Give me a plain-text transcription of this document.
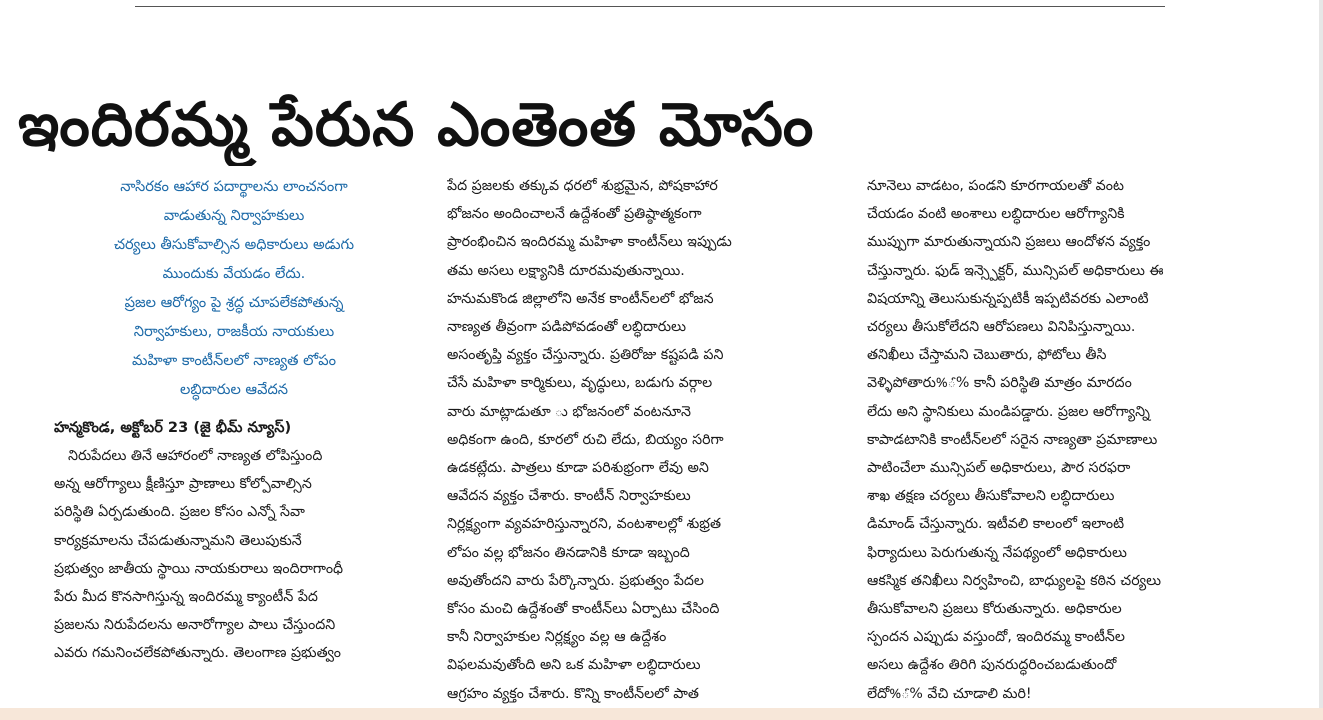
ఇందిరమ్మ పేరున ఎంతెంత మోసం
నాసిరకం ఆహార పదార్థాలను లాంచనంగా
వాడుతున్న నిర్వాహకులు
చర్యలు తీసుకోవాల్సిన అధికారులు అడుగు
ముందుకు వేయడం లేదు.
ప్రజల ఆరోగ్యం పై శ్రద్ధ చూపలేకపోతున్న
నిర్వాహకులు, రాజకీయ నాయకులు
మహిళా కాంటీన్‌లలో నాణ్యత లోపం
లబ్ధిదారుల ఆవేదన
హన్మకొండ, అక్టోబర్ 23 (జై భీమ్ న్యూస్)
నిరుపేదలు తినే ఆహారంలో నాణ్యత లోపిస్తుంది
అన్న ఆరోగ్యాలు క్షీణిస్తూ ప్రాణాలు కోల్పోవాల్సిన
పరిస్థితి ఏర్పడుతుంది. ప్రజల కోసం ఎన్నో సేవా
కార్యక్రమాలను చేపడుతున్నామని తెలుపుకునే
ప్రభుత్వం జాతీయ స్థాయి నాయకురాలు ఇందిరాగాంధీ
పేరు మీద కొనసాగిస్తున్న ఇందిరమ్మ క్యాంటీన్ పేద
ప్రజలను నిరుపేదలను అనారోగ్యాల పాలు చేస్తుందని
ఎవరు గమనించలేకపోతున్నారు. తెలంగాణ ప్రభుత్వం
పేద ప్రజలకు తక్కువ ధరలో శుభ్రమైన, పోషకాహార
భోజనం అందించాలనే ఉద్దేశంతో ప్రతిష్ఠాత్మకంగా
ప్రారంభించిన ఇందిరమ్మ మహిళా కాంటీన్‌లు ఇప్పుడు
తమ అసలు లక్ష్యానికి దూరమవుతున్నాయి.
హనుమకొండ జిల్లాలోని అనేక కాంటీన్‌లలో భోజన
నాణ్యత తీవ్రంగా పడిపోవడంతో లబ్ధిదారులు
అసంతృప్తి వ్యక్తం చేస్తున్నారు. ప్రతిరోజు కష్టపడి పని
చేసే మహిళా కార్మికులు, వృద్ధులు, బడుగు వర్గాల
వారు మాట్లాడుతూ ు భోజనంలో వంటనూనె
అధికంగా ఉంది, కూరలో రుచి లేదు, బియ్యం సరిగా
ఉడకట్లేదు. పాత్రలు కూడా పరిశుభ్రంగా లేవు అని
ఆవేదన వ్యక్తం చేశారు. కాంటీన్ నిర్వాహకులు
నిర్లక్ష్యంగా వ్యవహరిస్తున్నారని, వంటశాలల్లో శుభ్రత
లోపం వల్ల భోజనం తినడానికి కూడా ఇబ్బంది
అవుతోందని వారు పేర్కొన్నారు. ప్రభుత్వం పేదల
కోసం మంచి ఉద్దేశంతో కాంటీన్‌లు ఏర్పాటు చేసింది
కానీ నిర్వాహకుల నిర్లక్ష్యం వల్ల ఆ ఉద్దేశం
విఫలమవుతోంది అని ఒక మహిళా లబ్ధిదారులు
ఆగ్రహం వ్యక్తం చేశారు. కొన్ని కాంటీన్‌లలో పాత
నూనెలు వాడటం, పండని కూరగాయలతో వంట
చేయడం వంటి అంశాలు లబ్ధిదారుల ఆరోగ్యానికి
ముప్పుగా మారుతున్నాయని ప్రజలు ఆందోళన వ్యక్తం
చేస్తున్నారు. ఫుడ్ ఇన్స్పెక్టర్, మున్సిపల్ అధికారులు ఈ
విషయాన్ని తెలుసుకున్నప్పటికీ ఇప్పటివరకు ఎలాంటి
చర్యలు తీసుకోలేదని ఆరోపణలు వినిపిస్తున్నాయి.
తనిఖీలు చేస్తామని చెబుతారు, ఫోటోలు తీసి
వెళ్ళిపోతారు%ౕ% కానీ పరిస్థితి మాత్రం మారదం
లేదు అని స్థానికులు మండిపడ్డారు. ప్రజల ఆరోగ్యాన్ని
కాపాడటానికి కాంటీన్‌లలో సరైన నాణ్యతా ప్రమాణాలు
పాటించేలా మున్సిపల్ అధికారులు, పౌర సరఫరా
శాఖ తక్షణ చర్యలు తీసుకోవాలని లబ్ధిదారులు
డిమాండ్ చేస్తున్నారు. ఇటీవలి కాలంలో ఇలాంటి
ఫిర్యాదులు పెరుగుతున్న నేపథ్యంలో అధికారులు
ఆకస్మిక తనిఖీలు నిర్వహించి, బాధ్యులపై కఠిన చర్యలు
తీసుకోవాలని ప్రజలు కోరుతున్నారు. అధికారుల
స్పందన ఎప్పుడు వస్తుందో, ఇందిరమ్మ కాంటీన్‌ల
అసలు ఉద్దేశం తిరిగి పునరుద్ధరించబడుతుందో
లేదో%ౕ% వేచి చూడాలి మరి!
